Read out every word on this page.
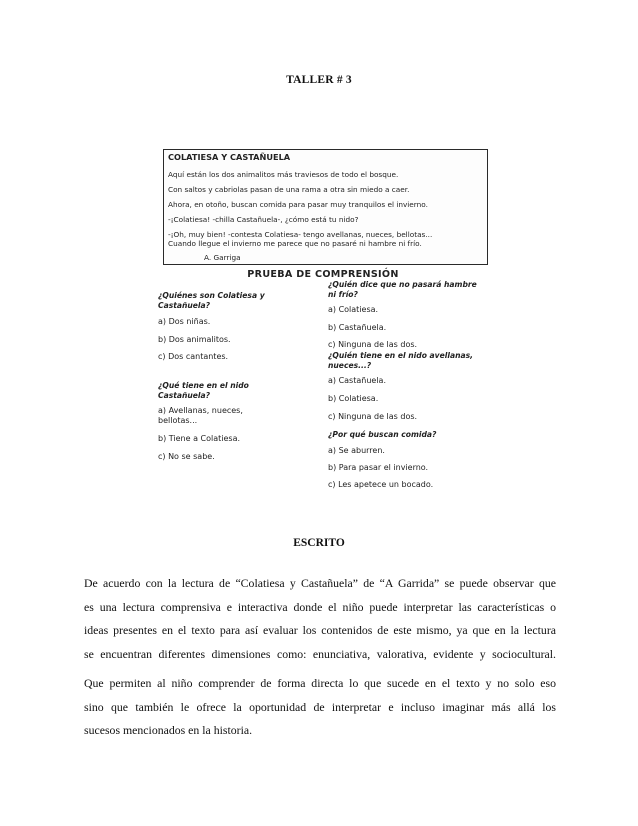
TALLER # 3
COLATIESA Y CASTAÑUELA
Aquí están los dos animalitos más traviesos de todo el bosque.
Con saltos y cabriolas pasan de una rama a otra sin miedo a caer.
Ahora, en otoño, buscan comida para pasar muy tranquilos el invierno.
-¡Colatiesa! -chilla Castañuela-, ¿cómo está tu nido?
-¡Oh, muy bien! -contesta Colatiesa- tengo avellanas, nueces, bellotas...
Cuando llegue el invierno me parece que no pasaré ni hambre ni frío.
A. Garriga
PRUEBA DE COMPRENSIÓN
¿Quiénes son Colatiesa y
Castañuela?
a) Dos niñas.
b) Dos animalitos.
c) Dos cantantes.
¿Qué tiene en el nido
Castañuela?
a) Avellanas, nueces,
bellotas...
b) Tiene a Colatiesa.
c) No se sabe.
¿Quién dice que no pasará hambre
ni frío?
a) Colatiesa.
b) Castañuela.
c) Ninguna de las dos.
¿Quién tiene en el nido avellanas,
nueces...?
a) Castañuela.
b) Colatiesa.
c) Ninguna de las dos.
¿Por qué buscan comida?
a) Se aburren.
b) Para pasar el invierno.
c) Les apetece un bocado.
ESCRITO
De acuerdo con la lectura de “Colatiesa y Castañuela” de “A Garrida” se puede observar que
es una lectura comprensiva e interactiva donde el niño puede interpretar las características o
ideas presentes en el texto para así evaluar los contenidos de este mismo, ya que en la lectura
se encuentran diferentes dimensiones como: enunciativa, valorativa, evidente y sociocultural.
Que permiten al niño comprender de forma directa lo que sucede en el texto y no solo eso
sino que también le ofrece la oportunidad de interpretar e incluso imaginar más allá los
sucesos mencionados en la historia.
